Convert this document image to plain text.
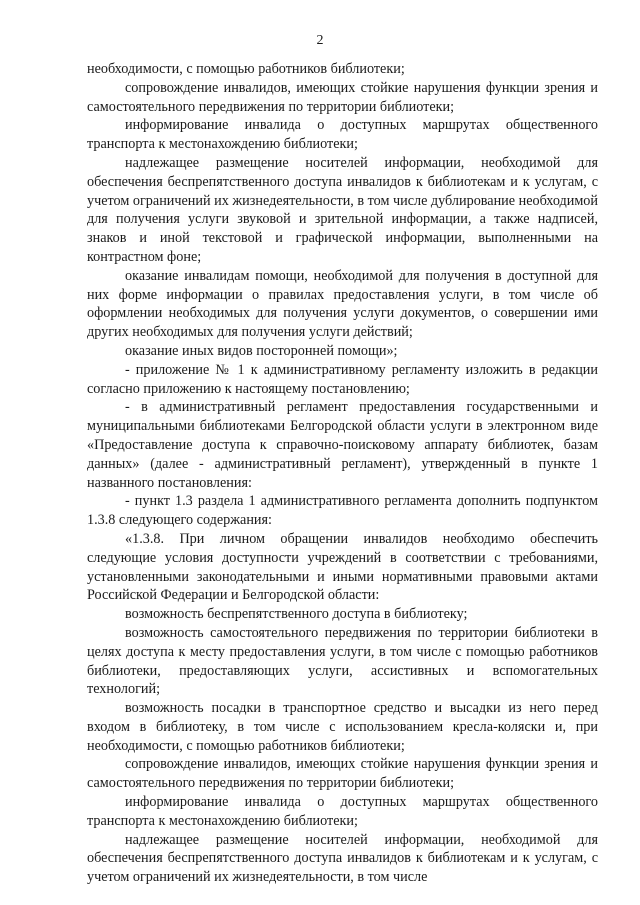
2

необходимости, с помощью работников библиотеки;

сопровождение инвалидов, имеющих стойкие нарушения функции зрения и самостоятельного передвижения по территории библиотеки;

информирование инвалида о доступных маршрутах общественного транспорта к местонахождению библиотеки;

надлежащее размещение носителей информации, необходимой для обеспечения беспрепятственного доступа инвалидов к библиотекам и к услугам, с учетом ограничений их жизнедеятельности, в том числе дублирование необходимой для получения услуги звуковой и зрительной информации, а также надписей, знаков и иной текстовой и графической информации, выполненными на контрастном фоне;

оказание инвалидам помощи, необходимой для получения в доступной для них форме информации о правилах предоставления услуги, в том числе об оформлении необходимых для получения услуги документов, о совершении ими других необходимых для получения услуги действий;

оказание иных видов посторонней помощи»;

- приложение № 1 к административному регламенту изложить в редакции согласно приложению к настоящему постановлению;

- в административный регламент предоставления государственными и муниципальными библиотеками Белгородской области услуги в электронном виде «Предоставление доступа к справочно-поисковому аппарату библиотек, базам данных» (далее - административный регламент), утвержденный в пункте 1 названного постановления:

- пункт 1.3 раздела 1 административного регламента дополнить подпунктом 1.3.8 следующего содержания:

«1.3.8. При личном обращении инвалидов необходимо обеспечить следующие условия доступности учреждений в соответствии с требованиями, установленными законодательными и иными нормативными правовыми актами Российской Федерации и Белгородской области:

возможность беспрепятственного доступа в библиотеку;

возможность самостоятельного передвижения по территории библиотеки в целях доступа к месту предоставления услуги, в том числе с помощью работников библиотеки, предоставляющих услуги, ассистивных и вспомогательных технологий;

возможность посадки в транспортное средство и высадки из него перед входом в библиотеку, в том числе с использованием кресла-коляски и, при необходимости, с помощью работников библиотеки;

сопровождение инвалидов, имеющих стойкие нарушения функции зрения и самостоятельного передвижения по территории библиотеки;

информирование инвалида о доступных маршрутах общественного транспорта к местонахождению библиотеки;

надлежащее размещение носителей информации, необходимой для обеспечения беспрепятственного доступа инвалидов к библиотекам и к услугам, с учетом ограничений их жизнедеятельности, в том числе
